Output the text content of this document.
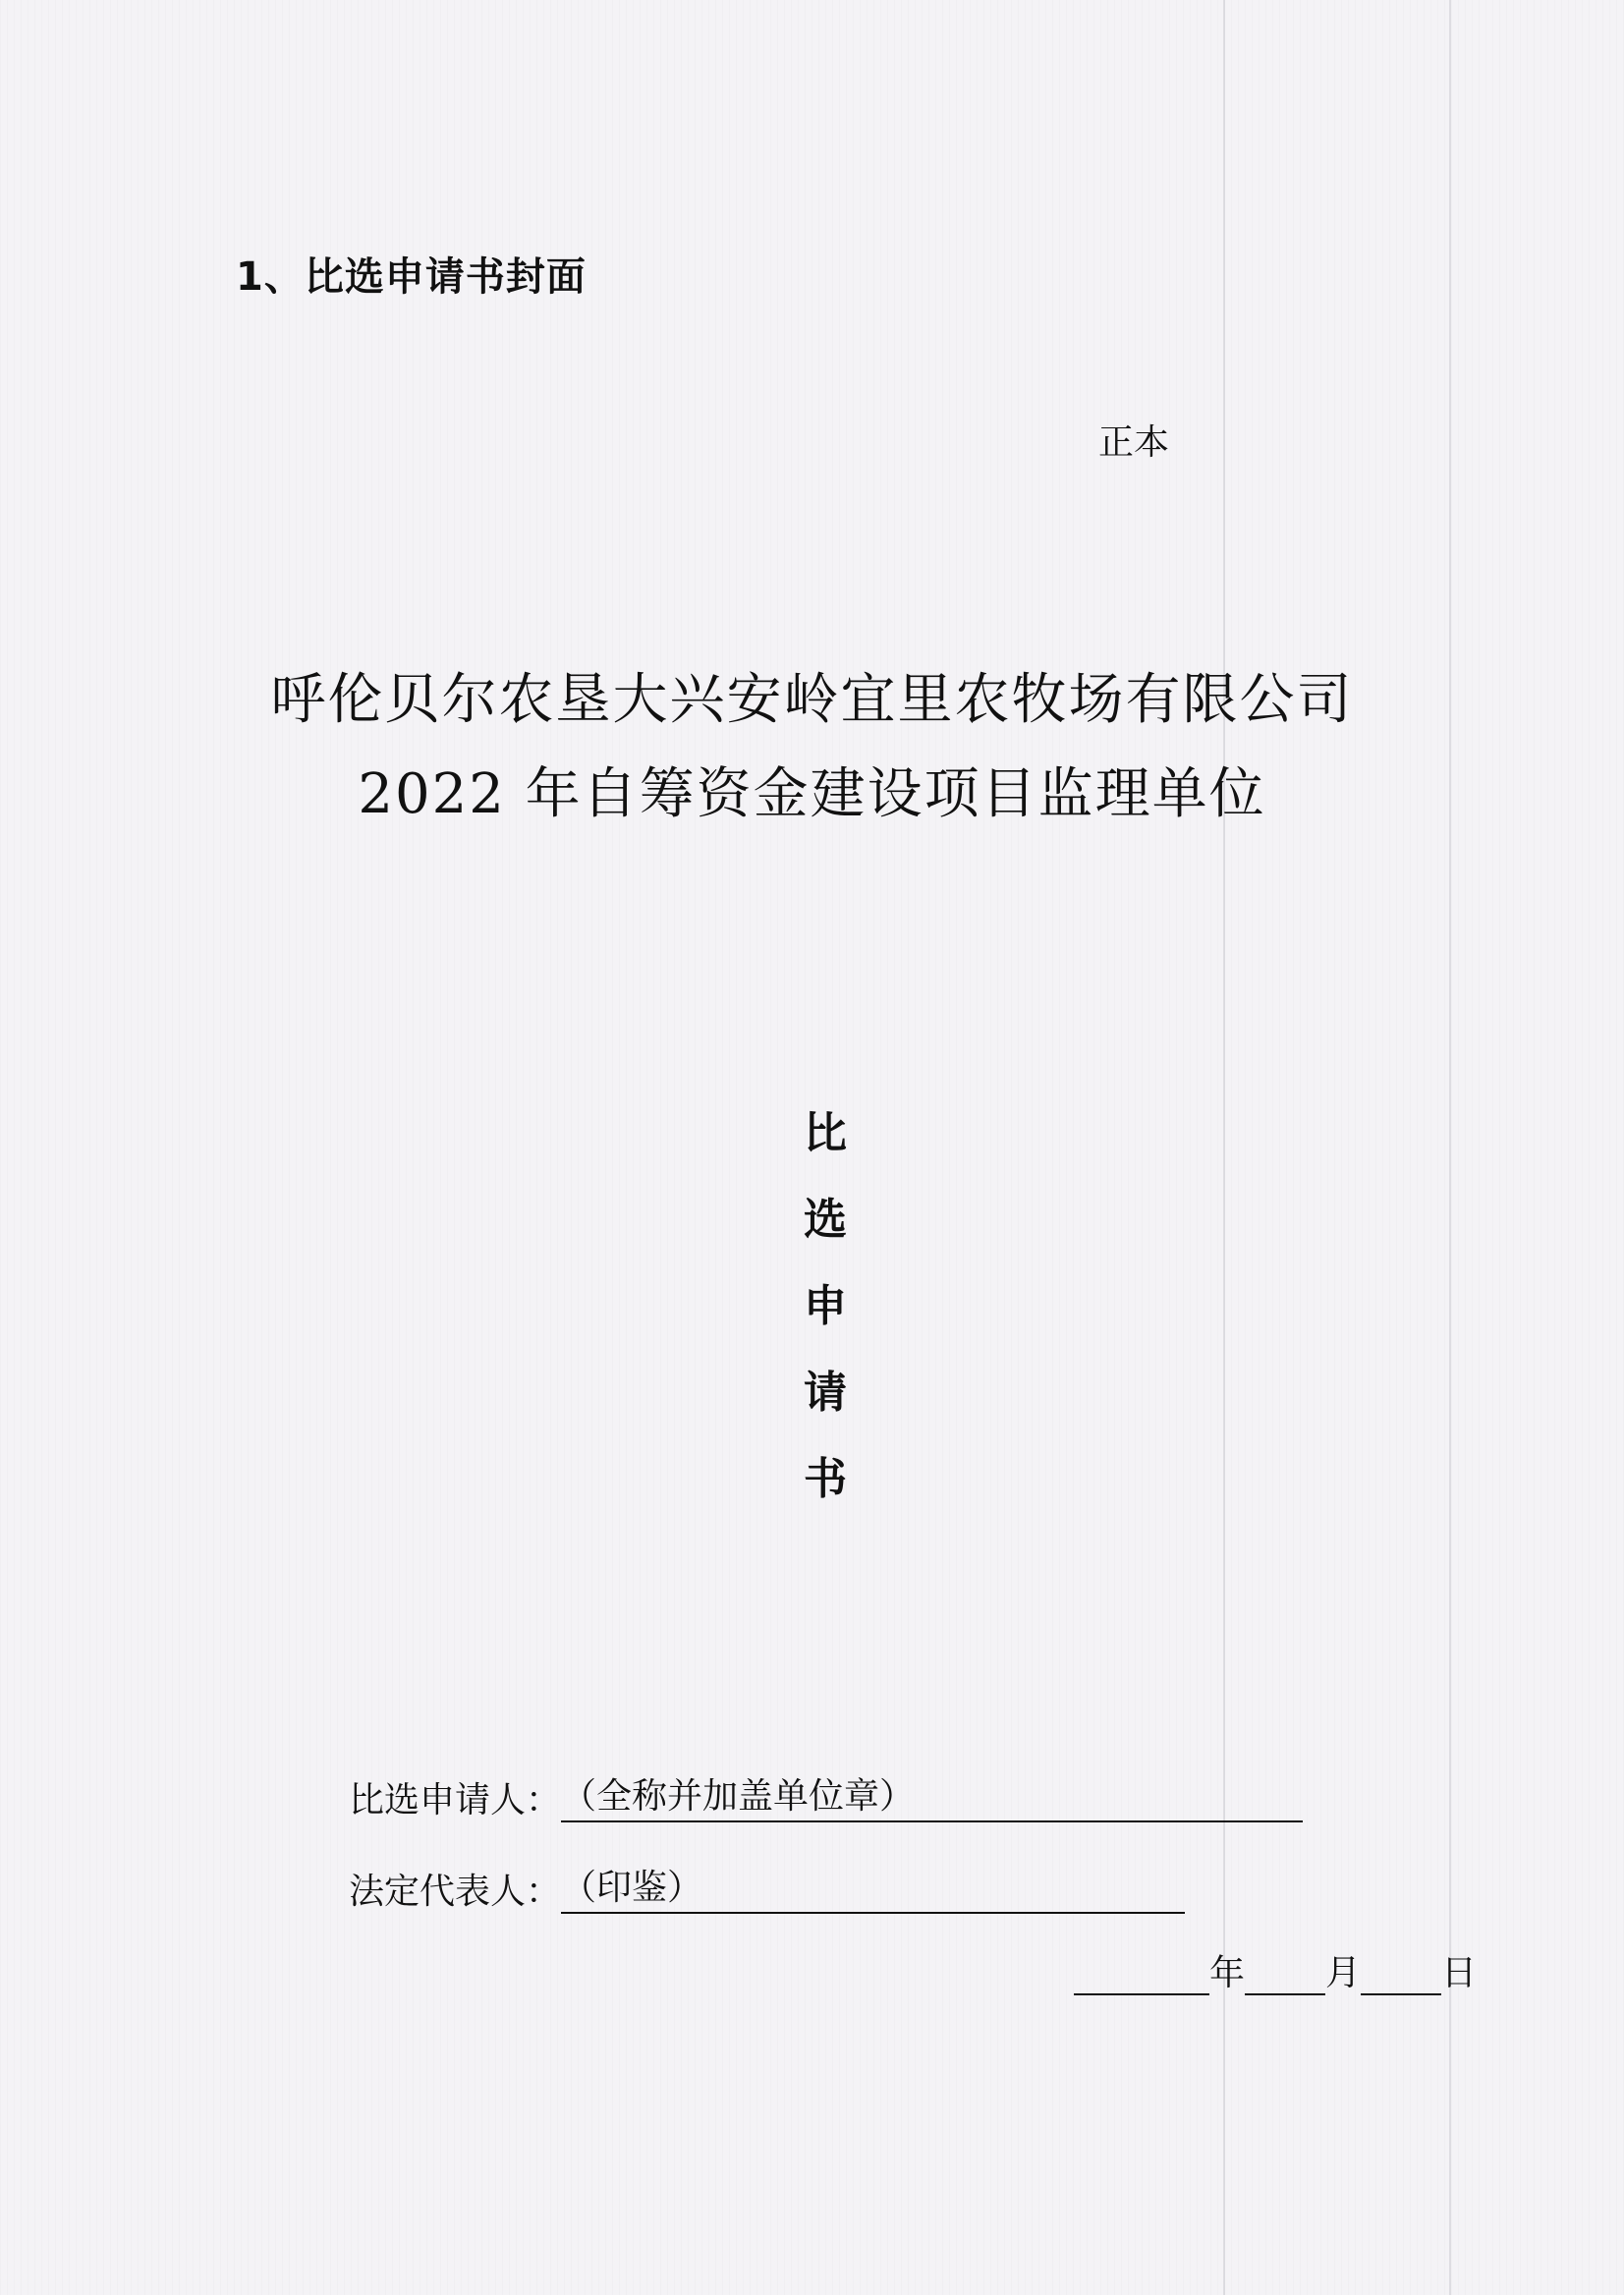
1、比选申请书封面
正本
呼伦贝尔农垦大兴安岭宜里农牧场有限公司
2022 年自筹资金建设项目监理单位
比
选
申
请
书
比选申请人： （全称并加盖单位章）
法定代表人： （印鉴）
年 月 日
